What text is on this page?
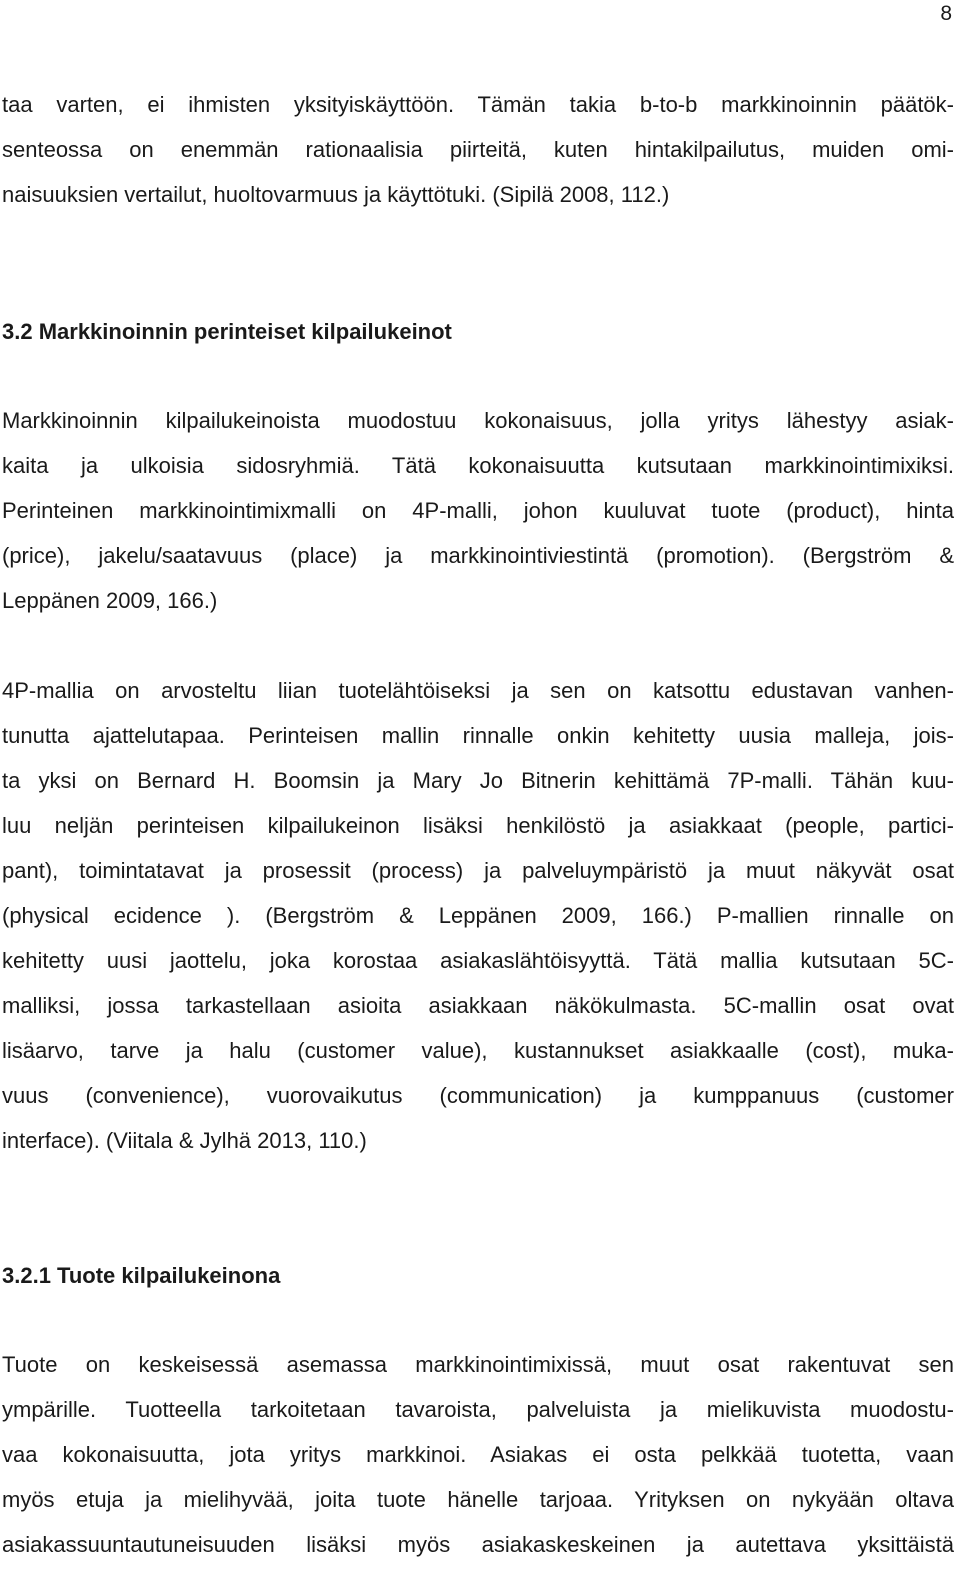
8

taa varten, ei ihmisten yksityiskäyttöön. Tämän takia b-to-b markkinoinnin päätök-
senteossa on enemmän rationaalisia piirteitä, kuten hintakilpailutus, muiden omi-
naisuuksien vertailut, huoltovarmuus ja käyttötuki. (Sipilä 2008, 112.)

3.2 Markkinoinnin perinteiset kilpailukeinot

Markkinoinnin kilpailukeinoista muodostuu kokonaisuus, jolla yritys lähestyy asiak-
kaita ja ulkoisia sidosryhmiä. Tätä kokonaisuutta kutsutaan markkinointimixiksi.
Perinteinen markkinointimixmalli on 4P-malli, johon kuuluvat tuote (product), hinta
(price), jakelu/saatavuus (place) ja markkinointiviestintä (promotion). (Bergström &
Leppänen 2009, 166.)

4P-mallia on arvosteltu liian tuotelähtöiseksi ja sen on katsottu edustavan vanhen-
tunutta ajattelutapaa. Perinteisen mallin rinnalle onkin kehitetty uusia malleja, jois-
ta yksi on Bernard H. Boomsin ja Mary Jo Bitnerin kehittämä 7P-malli. Tähän kuu-
luu neljän perinteisen kilpailukeinon lisäksi henkilöstö ja asiakkaat (people, partici-
pant), toimintatavat ja prosessit (process) ja palveluympäristö ja muut näkyvät osat
(physical ecidence ). (Bergström & Leppänen 2009, 166.) P-mallien rinnalle on
kehitetty uusi jaottelu, joka korostaa asiakaslähtöisyyttä. Tätä mallia kutsutaan 5C-
malliksi, jossa tarkastellaan asioita asiakkaan näkökulmasta. 5C-mallin osat ovat
lisäarvo, tarve ja halu (customer value), kustannukset asiakkaalle (cost), muka-
vuus (convenience), vuorovaikutus (communication) ja kumppanuus (customer
interface). (Viitala & Jylhä 2013, 110.)

3.2.1 Tuote kilpailukeinona

Tuote on keskeisessä asemassa markkinointimixissä, muut osat rakentuvat sen
ympärille. Tuotteella tarkoitetaan tavaroista, palveluista ja mielikuvista muodostu-
vaa kokonaisuutta, jota yritys markkinoi. Asiakas ei osta pelkkää tuotetta, vaan
myös etuja ja mielihyvää, joita tuote hänelle tarjoaa. Yrityksen on nykyään oltava
asiakassuuntautuneisuuden lisäksi myös asiakaskeskeinen ja autettava yksittäistä
